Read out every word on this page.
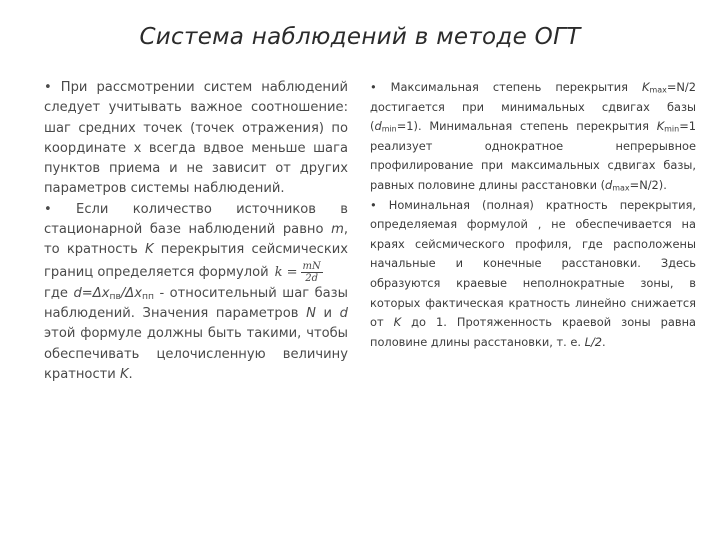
Система наблюдений в методе ОГТ

• При рассмотрении систем наблюдений следует учитывать важное соотношение: шаг средних точек (точек отражения) по координате x всегда вдвое меньше шага пунктов приема и не зависит от других параметров системы наблюдений.

• Если количество источников в стационарной базе наблюдений равно m, то кратность K перекрытия сейсмических границ определяется формулой $k = \frac{mN}{2d}$

где $d=\Delta x_{пв}/\Delta x_{пп}$ - относительный шаг базы наблюдений. Значения параметров N и d этой формуле должны быть такими, чтобы обеспечивать целочисленную величину кратности K.

• Максимальная степень перекрытия $K_{max}=N/2$ достигается при минимальных сдвигах базы $(d_{min}=1)$. Минимальная степень перекрытия $K_{min}=1$ реализует однократное непрерывное профилирование при максимальных сдвигах базы, равных половине длины расстановки $(d_{max}=N/2)$.

• Номинальная (полная) кратность перекрытия, определяемая формулой , не обеспечивается на краях сейсмического профиля, где расположены начальные и конечные расстановки. Здесь образуются краевые неполнократные зоны, в которых фактическая кратность линейно снижается от K до 1. Протяженность краевой зоны равна половине длины расстановки, т. е. L/2.
